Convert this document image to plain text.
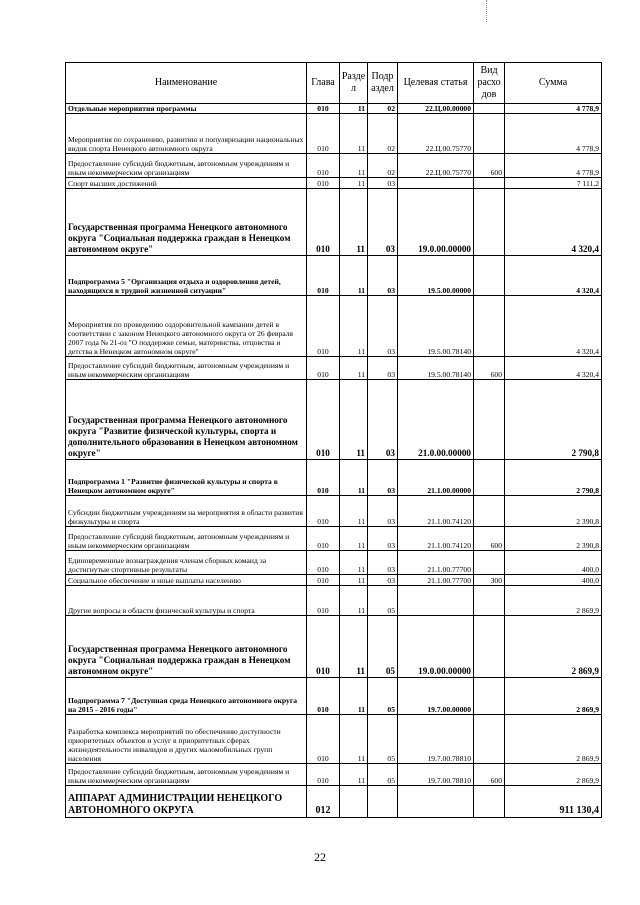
Наименование	Глава	Разде л	Подр аздел	Целевая статья	Вид расхо дов	Сумма
Отдельные мероприятия программы	010	11	02	22.Ц.00.00000		4 778,9
Мероприятия по сохранению, развитию и популяризации национальных видов спорта Ненецкого автономного округа	010	11	02	22.Ц.00.75770		4 778,9
Предоставление субсидий бюджетным, автономным учреждениям и иным некоммерческим организациям	010	11	02	22.Ц.00.75770	600	4 778,9
Спорт высших достижений	010	11	03			7 111,2
Государственная программа Ненецкого автономного округа "Социальная поддержка граждан в Ненецком автономном округе"	010	11	03	19.0.00.00000		4 320,4
Подпрограмма 5 "Организация отдыха и оздоровления детей, находящихся в трудной жизненной ситуации"	010	11	03	19.5.00.00000		4 320,4
Мероприятия по проведению оздоровительной кампании детей в соответствии с законом Ненецкого автономного округа от 26 февраля 2007 года № 21-оз "О поддержке семьи, материнства, отцовства и детства в Ненецком автономном округе"	010	11	03	19.5.00.78140		4 320,4
Предоставление субсидий бюджетным, автономным учреждениям и иным некоммерческим организациям	010	11	03	19.5.00.78140	600	4 320,4
Государственная программа Ненецкого автономного округа "Развитие физической культуры, спорта и дополнительного образования в Ненецком автономном округе"	010	11	03	21.0.00.00000		2 790,8
Подпрограмма 1 "Развитие физической культуры и спорта в Ненецком автономном округе"	010	11	03	21.1.00.00000		2 790,8
Субсидии бюджетным учреждениям на мероприятия в области развития физкультуры и спорта	010	11	03	21.1.00.74120		2 390,8
Предоставление субсидий бюджетным, автономным учреждениям и иным некоммерческим организациям	010	11	03	21.1.00.74120	600	2 390,8
Единовременные вознаграждения членам сборных команд за достигнутые спортивные результаты	010	11	03	21.1.00.77700		400,0
Социальное обеспечение и иные выплаты населению	010	11	03	21.1.00.77700	300	400,0
Другие вопросы в области физической культуры и спорта	010	11	05			2 869,9
Государственная программа Ненецкого автономного округа "Социальная поддержка граждан в Ненецком автономном округе"	010	11	05	19.0.00.00000		2 869,9
Подпрограмма 7 "Доступная среда Ненецкого автономного округа на 2015 - 2016 годы"	010	11	05	19.7.00.00000		2 869,9
Разработка комплекса мероприятий по обеспечению доступности приоритетных объектов и услуг в приоритетных сферах жизнедеятельности инвалидов и других маломобильных групп населения	010	11	05	19.7.00.78810		2 869,9
Предоставление субсидий бюджетным, автономным учреждениям и иным некоммерческим организациям	010	11	05	19.7.00.78810	600	2 869,9
АППАРАТ АДМИНИСТРАЦИИ НЕНЕЦКОГО АВТОНОМНОГО ОКРУГА	012					911 130,4
22
